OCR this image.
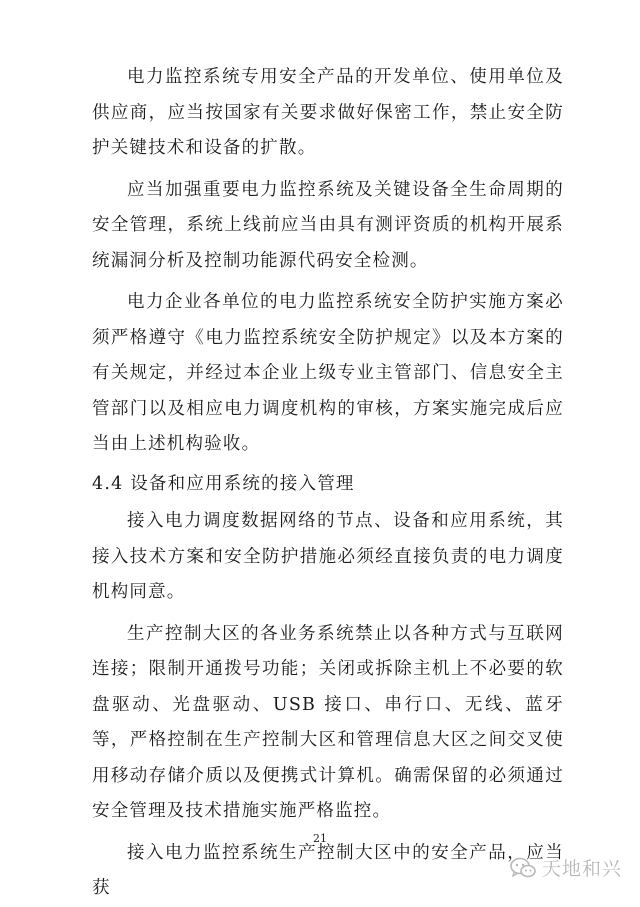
电力监控系统专用安全产品的开发单位、使用单位及供应商，应当按国家有关要求做好保密工作，禁止安全防护关键技术和设备的扩散。

应当加强重要电力监控系统及关键设备全生命周期的安全管理，系统上线前应当由具有测评资质的机构开展系统漏洞分析及控制功能源代码安全检测。

电力企业各单位的电力监控系统安全防护实施方案必须严格遵守《电力监控系统安全防护规定》以及本方案的有关规定，并经过本企业上级专业主管部门、信息安全主管部门以及相应电力调度机构的审核，方案实施完成后应当由上述机构验收。

4.4 设备和应用系统的接入管理

接入电力调度数据网络的节点、设备和应用系统，其接入技术方案和安全防护措施必须经直接负责的电力调度机构同意。

生产控制大区的各业务系统禁止以各种方式与互联网连接；限制开通拨号功能；关闭或拆除主机上不必要的软盘驱动、光盘驱动、USB 接口、串行口、无线、蓝牙等，严格控制在生产控制大区和管理信息大区之间交叉使用移动存储介质以及便携式计算机。确需保留的必须通过安全管理及技术措施实施严格监控。

接入电力监控系统生产控制大区中的安全产品，应当获

21
天地和兴
